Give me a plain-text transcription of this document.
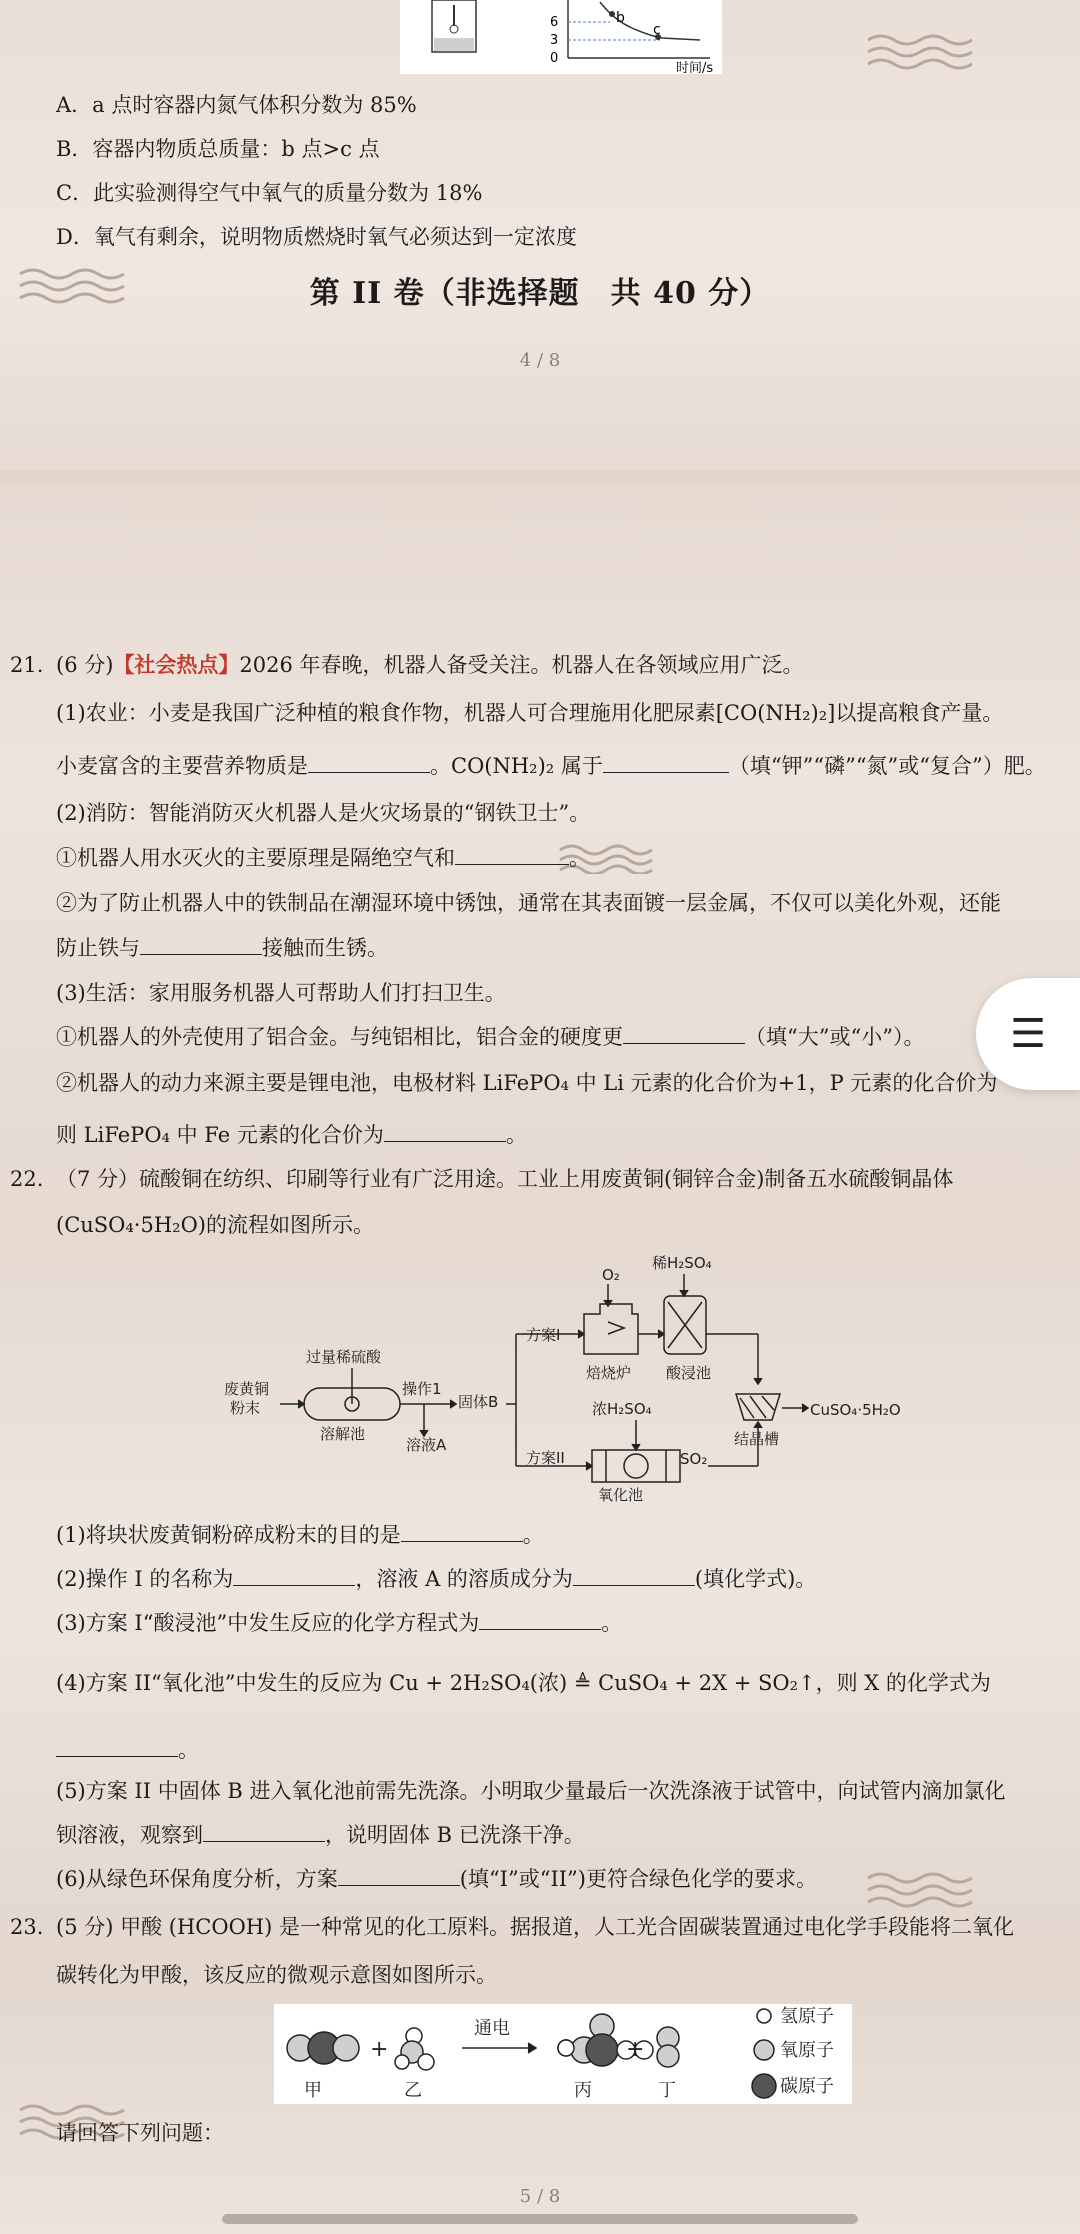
6
3
0
b
c
时间/s
A．a 点时容器内氮气体积分数为 85%
B．容器内物质总质量：b 点>c 点
C．此实验测得空气中氧气的质量分数为 18%
D．氧气有剩余，说明物质燃烧时氧气必须达到一定浓度
第 II 卷（非选择题　共 40 分）
4 / 8
21. (6 分)【社会热点】2026 年春晚，机器人备受关注。机器人在各领域应用广泛。
(1)农业：小麦是我国广泛种植的粮食作物，机器人可合理施用化肥尿素[CO(NH₂)₂]以提高粮食产量。
小麦富含的主要营养物质是	。CO(NH₂)₂ 属于	（填“钾”“磷”“氮”或“复合”）肥。
(2)消防：智能消防灭火机器人是火灾场景的“钢铁卫士”。
①机器人用水灭火的主要原理是隔绝空气和	。
②为了防止机器人中的铁制品在潮湿环境中锈蚀，通常在其表面镀一层金属，不仅可以美化外观，还能
防止铁与	接触而生锈。
(3)生活：家用服务机器人可帮助人们打扫卫生。
①机器人的外壳使用了铝合金。与纯铝相比，铝合金的硬度更	（填“大”或“小”）。
②机器人的动力来源主要是锂电池，电极材料 LiFePO₄ 中 Li 元素的化合价为+1，P 元素的化合价为
则 LiFePO₄ 中 Fe 元素的化合价为	。
☰
22. （7 分）硫酸铜在纺织、印刷等行业有广泛用途。工业上用废黄铜(铜锌合金)制备五水硫酸铜晶体
(CuSO₄·5H₂O)的流程如图所示。
废黄铜
粉末
过量稀硫酸
溶解池
操作1
溶液A
固体B
方案I
方案II
O₂
稀H₂SO₄
焙烧炉 酸浸池
浓H₂SO₄
氧化池
SO₂
结晶槽
CuSO₄·5H₂O
(1)将块状废黄铜粉碎成粉末的目的是	。
(2)操作 I 的名称为	，溶液 A 的溶质成分为	(填化学式)。
(3)方案 I“酸浸池”中发生反应的化学方程式为	。
(4)方案 II“氧化池”中发生的反应为 Cu + 2H₂SO₄(浓) ≜ CuSO₄ + 2X + SO₂↑，则 X 的化学式为
。
(5)方案 II 中固体 B 进入氧化池前需先洗涤。小明取少量最后一次洗涤液于试管中，向试管内滴加氯化
钡溶液，观察到	，说明固体 B 已洗涤干净。
(6)从绿色环保角度分析，方案	(填“I”或“II”)更符合绿色化学的要求。
23. (5 分) 甲酸 (HCOOH) 是一种常见的化工原料。据报道，人工光合固碳装置通过电化学手段能将二氧化
碳转化为甲酸，该反应的微观示意图如图所示。
+
通电
+
甲	乙	丙	丁
氢原子
氧原子
碳原子
请回答下列问题：
5 / 8
